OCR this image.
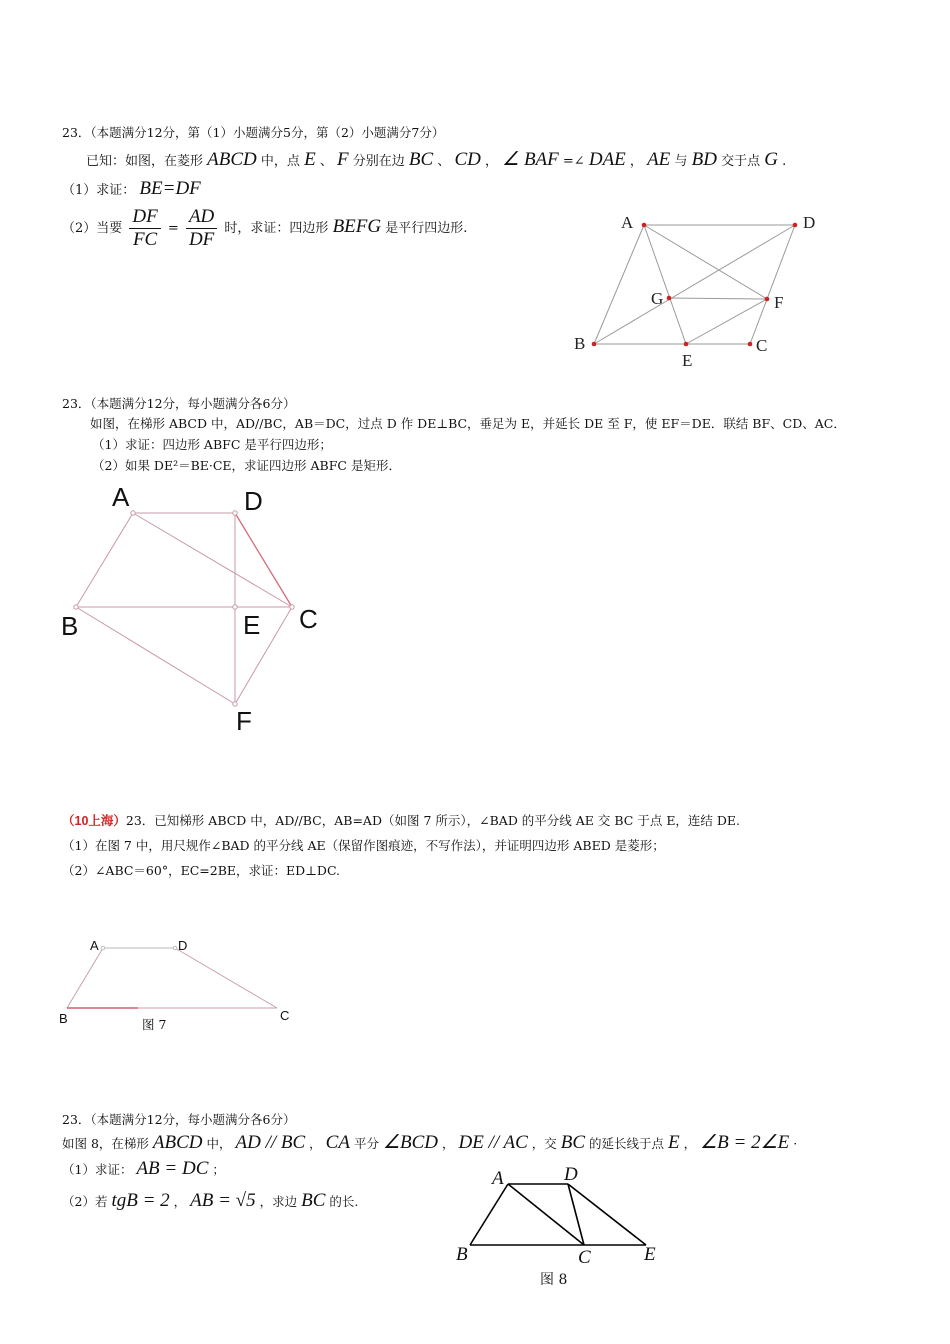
23．（本题满分12分，第（1）小题满分5分，第（2）小题满分7分）
已知：如图，在菱形 ABCD 中，点 E 、 F 分别在边 BC 、 CD ， ∠ BAF =∠ DAE ， AE 与 BD 交于点 G .
（1）求证： BE=DF
（2）当要 $\frac{DF}{FC} = \frac{AD}{DF}$ 时，求证：四边形 BEFG 是平行四边形.	A	D
G	F
B
E
C
23．（本题满分12分，每小题满分各6分）
如图，在梯形 ABCD 中，AD//BC，AB＝DC，过点 D 作 DE⊥BC，垂足为 E，并延长 DE 至 F，使 EF＝DE．联结 BF、CD、AC．
（1）求证：四边形 ABFC 是平行四边形；
（2）如果 DE²＝BE·CE，求证四边形 ABFC 是矩形．
A	D
B	E C
F
（10上海）23．已知梯形 ABCD 中，AD//BC，AB=AD（如图 7 所示），∠BAD 的平分线 AE 交 BC 于点 E，连结 DE.
（1）在图 7 中，用尺规作∠BAD 的平分线 AE（保留作图痕迹，不写作法），并证明四边形 ABED 是菱形；
（2）∠ABC＝60°，EC=2BE，求证：ED⊥DC.
A	D
B	C
图 7
23．（本题满分12分，每小题满分各6分）
如图 8，在梯形 ABCD 中， AD // BC ， CA 平分 ∠BCD ， DE // AC ，交 BC 的延长线于点 E ， ∠B = 2∠E ·
（1）求证： AB = DC ；
（2）若 tgB = 2 ， AB = √5 ，求边 BC 的长.
A	D
B	C	E
图 8
